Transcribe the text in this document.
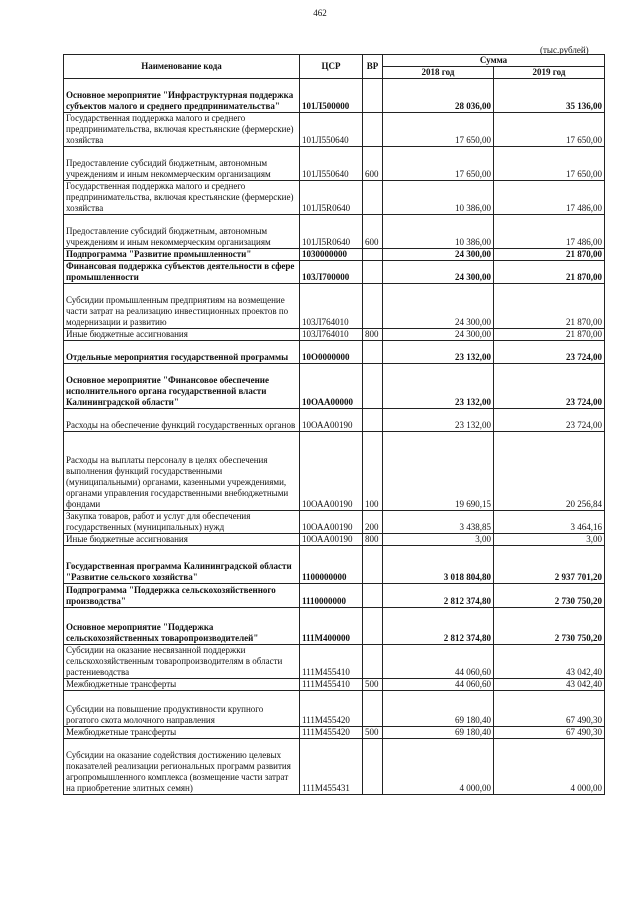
462
(тыс.рублей)
Наименование кода	ЦСР	ВР	Сумма	
			2018 год	2019 год
Основное мероприятие "Инфраструктурная поддержка субъектов малого и среднего предпринимательства"	101Л500000		28 036,00	35 136,00
Государственная поддержка малого и среднего предпринимательства, включая крестьянские (фермерские) хозяйства	101Л550640		17 650,00	17 650,00
Предоставление субсидий бюджетным, автономным учреждениям и иным некоммерческим организациям	101Л550640	600	17 650,00	17 650,00
Государственная поддержка малого и среднего предпринимательства, включая крестьянские (фермерские) хозяйства	101Л5R0640		10 386,00	17 486,00
Предоставление субсидий бюджетным, автономным учреждениям и иным некоммерческим организациям	101Л5R0640	600	10 386,00	17 486,00
Подпрограмма "Развитие промышленности"	1030000000		24 300,00	21 870,00
Финансовая поддержка субъектов деятельности в сфере промышленности	103Л700000		24 300,00	21 870,00
Субсидии промышленным предприятиям на возмещение части затрат на реализацию инвестиционных проектов по модернизации и развитию	103Л764010		24 300,00	21 870,00
Иные бюджетные ассигнования	103Л764010	800	24 300,00	21 870,00
Отдельные мероприятия государственной программы	10О0000000		23 132,00	23 724,00
Основное мероприятие "Финансовое обеспечение исполнительного органа государственной власти Калининградской области"	10ОАА00000		23 132,00	23 724,00
Расходы на обеспечение функций государственных органов	10ОАА00190		23 132,00	23 724,00
Расходы на выплаты персоналу в целях обеспечения выполнения функций государственными (муниципальными) органами, казенными учреждениями, органами управления государственными внебюджетными фондами	10ОАА00190	100	19 690,15	20 256,84
Закупка товаров, работ и услуг для обеспечения государственных (муниципальных) нужд	10ОАА00190	200	3 438,85	3 464,16
Иные бюджетные ассигнования	10ОАА00190	800	3,00	3,00
Государственная программа Калининградской области "Развитие сельского хозяйства"	1100000000		3 018 804,80	2 937 701,20
Подпрограмма "Поддержка сельскохозяйственного производства"	1110000000		2 812 374,80	2 730 750,20
Основное мероприятие "Поддержка сельскохозяйственных товаропроизводителей"	111М400000		2 812 374,80	2 730 750,20
Субсидии на оказание несвязанной поддержки сельскохозяйственным товаропроизводителям в области растениеводства	111М455410		44 060,60	43 042,40
Межбюджетные трансферты	111М455410	500	44 060,60	43 042,40
Субсидии на повышение продуктивности крупного рогатого скота молочного направления	111М455420		69 180,40	67 490,30
Межбюджетные трансферты	111М455420	500	69 180,40	67 490,30
Субсидии на оказание содействия достижению целевых показателей реализации региональных программ развития агропромышленного комплекса (возмещение части затрат на приобретение элитных семян)	111М455431		4 000,00	4 000,00
